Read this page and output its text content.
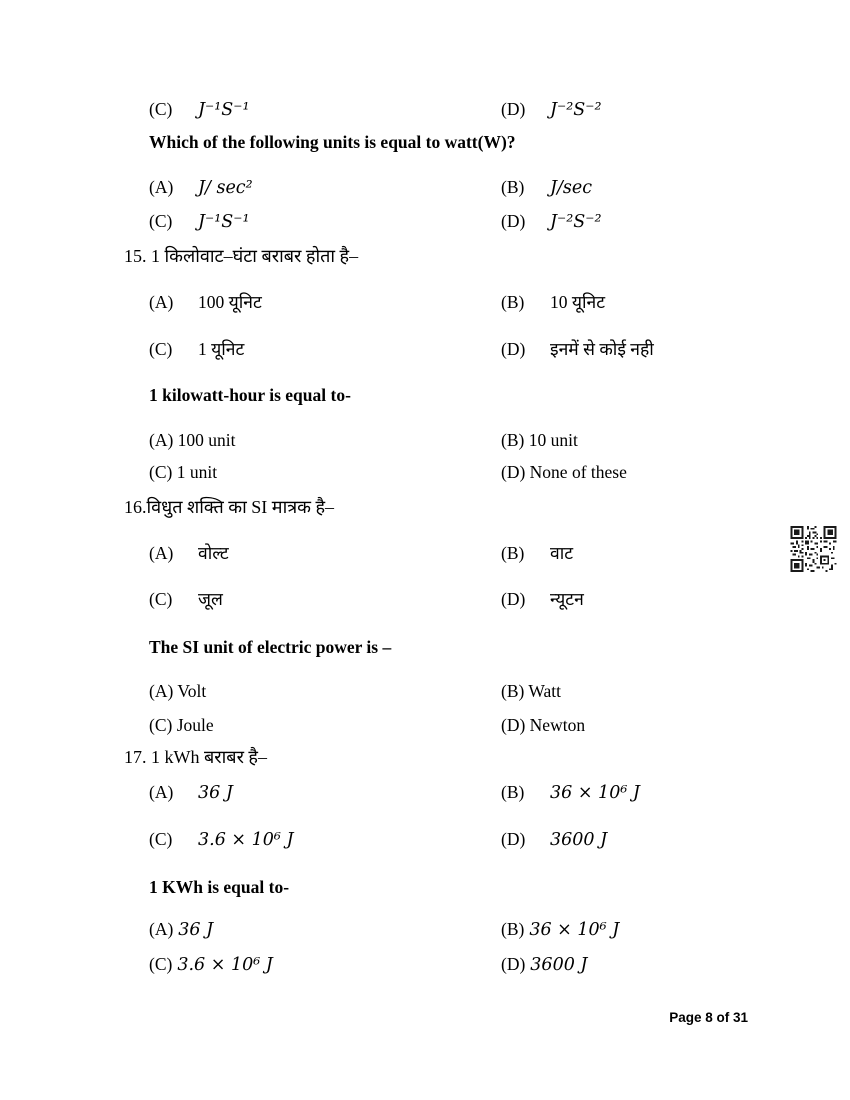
(C) J⁻¹S⁻¹	(D) J⁻²S⁻²
Which of the following units is equal to watt(W)?
(A) J/ sec²	(B) J/sec
(C) J⁻¹S⁻¹	(D) J⁻²S⁻²
15. 1 किलोवाट–घंटा बराबर होता है–
(A) 100 यूनिट	(B) 10 यूनिट
(C) 1 यूनिट	(D) इनमें से कोई नही
1 kilowatt-hour is equal to-
(A) 100 unit	(B) 10 unit
(C) 1 unit	(D) None of these
16.विधुत शक्ति का SI मात्रक है–
(A) वोल्ट	(B) वाट
(C) जूल	(D) न्यूटन
The SI unit of electric power is –
(A) Volt	(B) Watt
(C) Joule	(D) Newton
17. 1 kWh बराबर है–
(A) 36 J	(B) 36 × 10⁶ J
(C) 3.6 × 10⁶ J	(D) 3600 J
1 KWh is equal to-
(A) 36 J	(B) 36 × 10⁶ J
(C) 3.6 × 10⁶ J	(D) 3600 J
Page 8 of 31
